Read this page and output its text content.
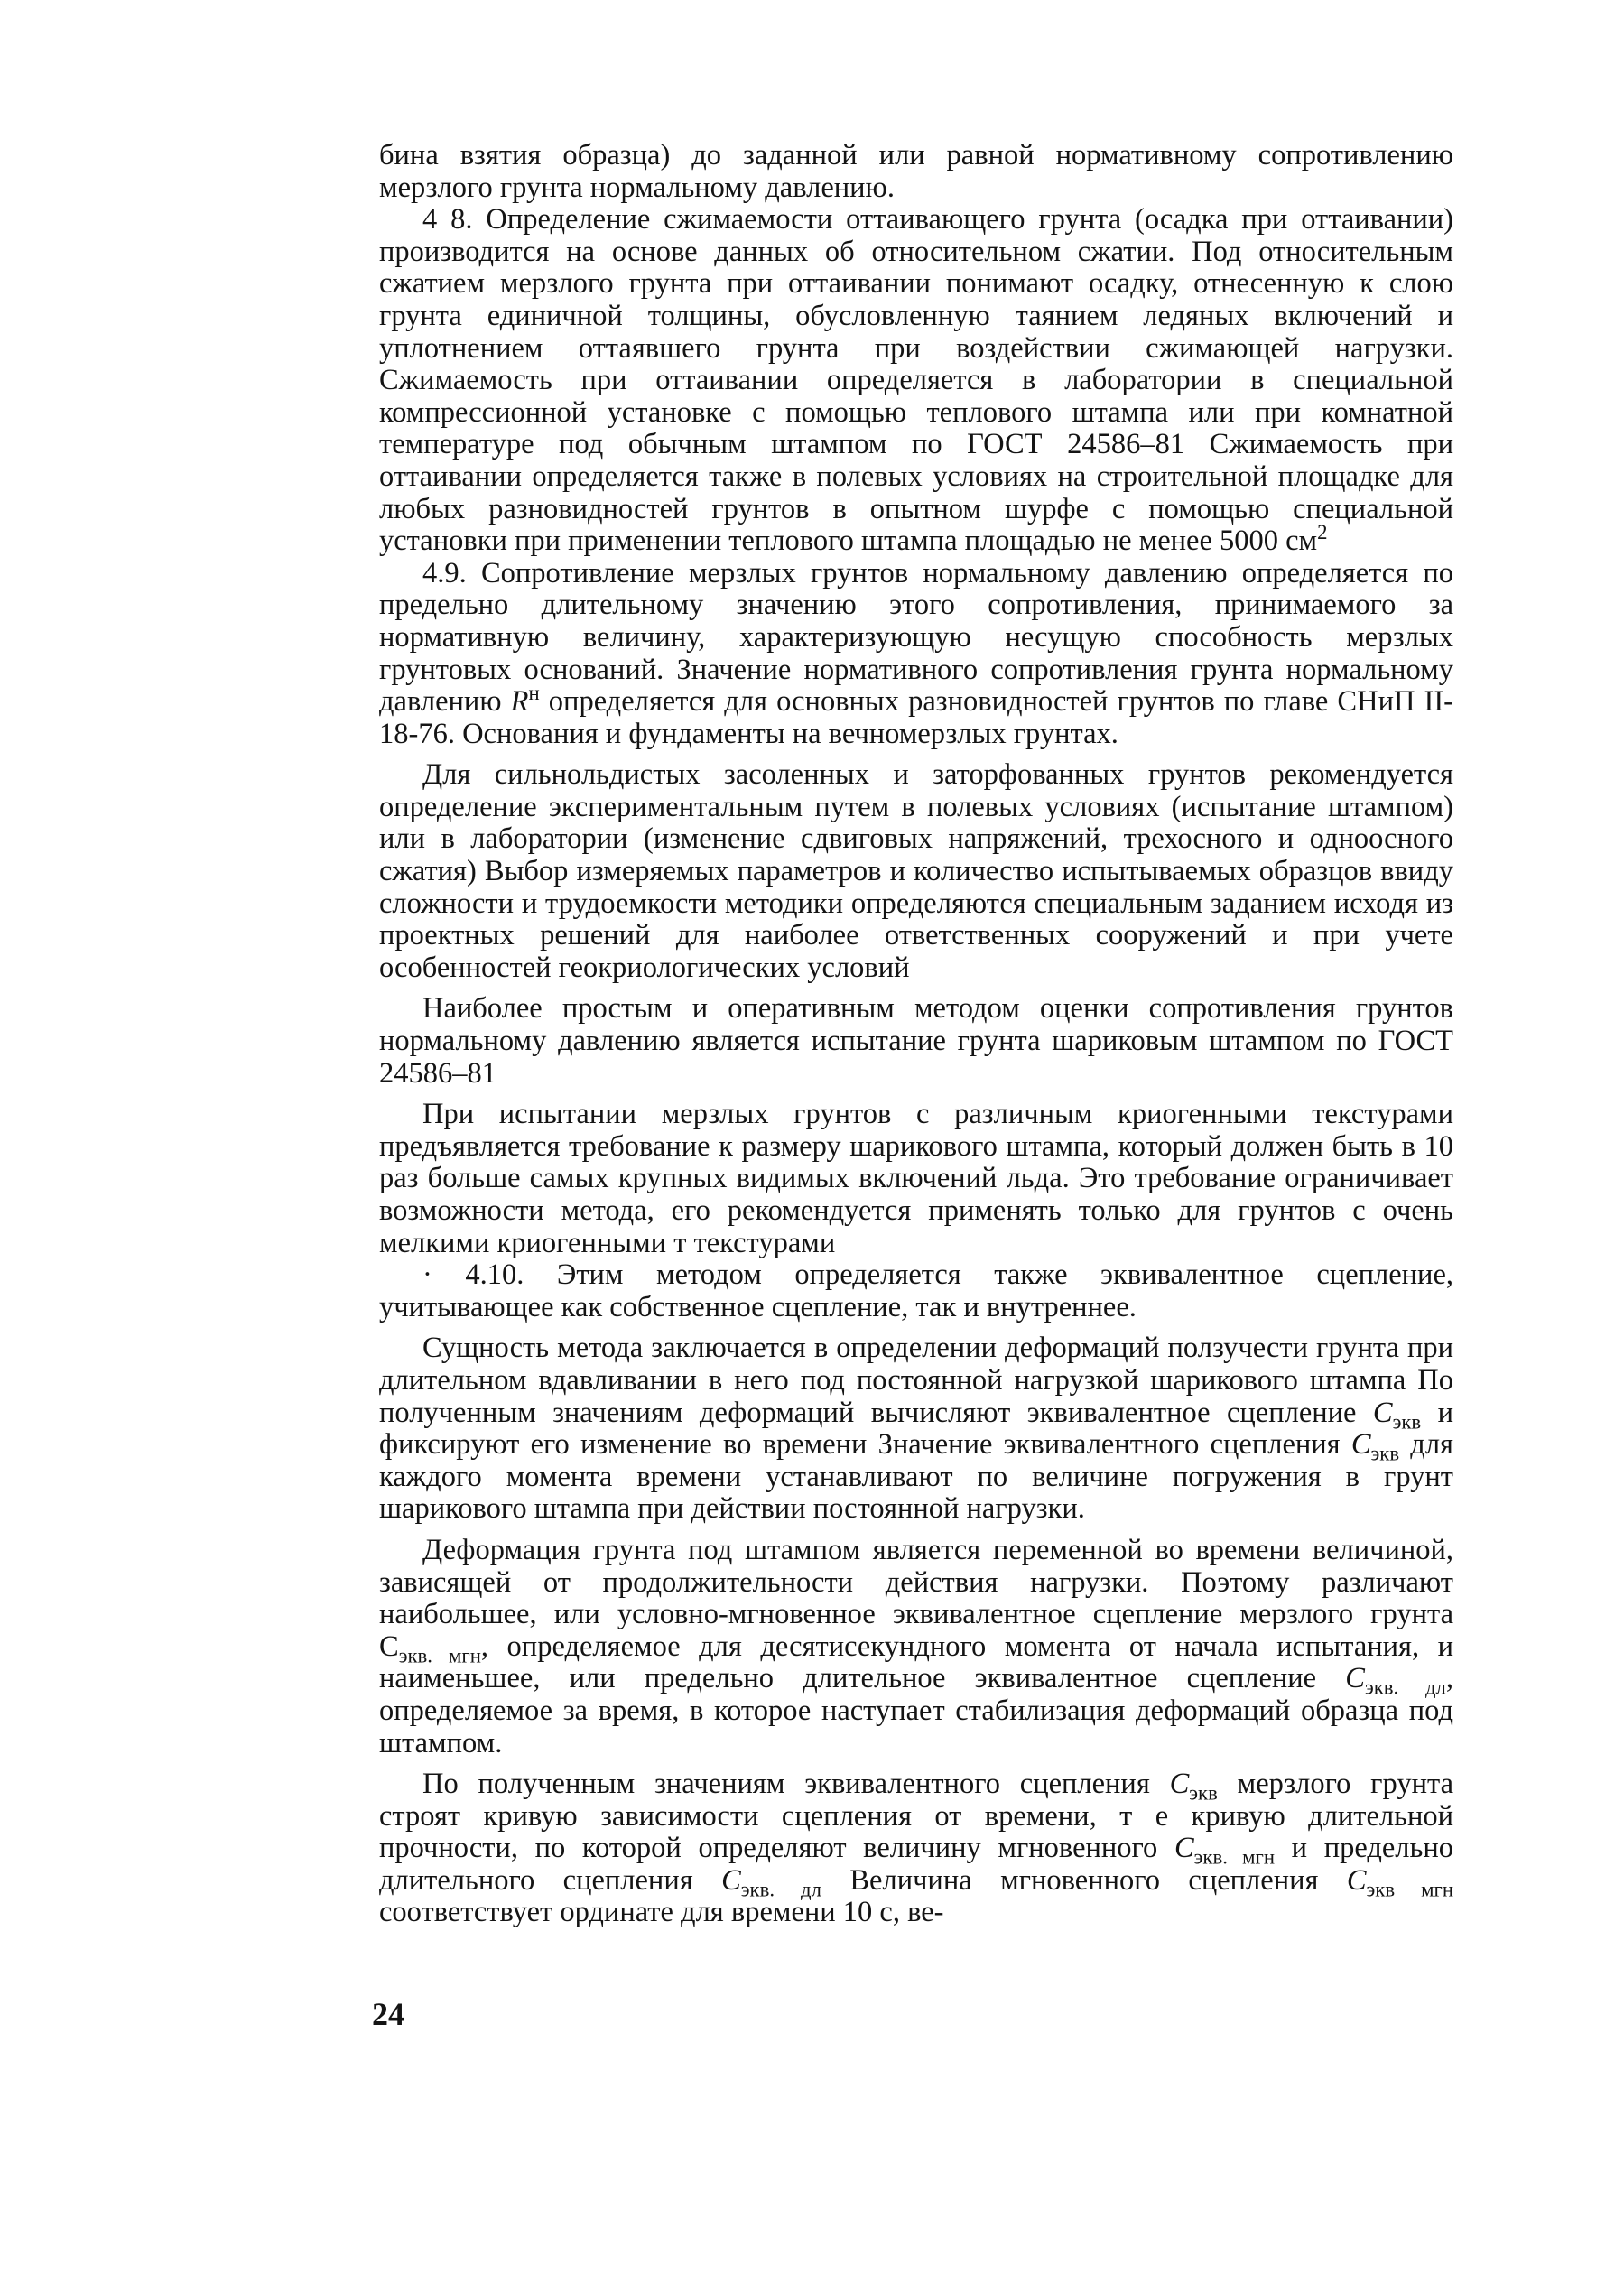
бина взятия образца) до заданной или равной нормативному сопротивлению мерзлого грунта нормальному давлению.

4 8. Определение сжимаемости оттаивающего грунта (осадка при оттаивании) производится на основе данных об относительном сжатии. Под относительным сжатием мерзлого грунта при оттаивании понимают осадку, отнесенную к слою грунта единичной толщины, обусловленную таянием ледяных включений и уплотнением оттаявшего грунта при воздействии сжимающей нагрузки. Сжимаемость при оттаивании определяется в лаборатории в специальной компрессионной установке с помощью теплового штампа или при комнатной температуре под обычным штампом по ГОСТ 24586–81 Сжимаемость при оттаивании определяется также в полевых условиях на строительной площадке для любых разновидностей грунтов в опытном шурфе с помощью специальной установки при применении теплового штампа площадью не менее 5000 $см^2$

4.9. Сопротивление мерзлых грунтов нормальному давлению определяется по предельно длительному значению этого сопротивления, принимаемого за нормативную величину, характеризующую несущую способность мерзлых грунтовых оснований. Значение нормативного сопротивления грунта нормальному давлению $R^н$ определяется для основных разновидностей грунтов по главе СНиП II-18-76. Основания и фундаменты на вечномерзлых грунтах.

Для сильнольдистых засоленных и заторфованных грунтов рекомендуется определение экспериментальным путем в полевых условиях (испытание штампом) или в лаборатории (изменение сдвиговых напряжений, трехосного и одноосного сжатия) Выбор измеряемых параметров и количество испытываемых образцов ввиду сложности и трудоемкости методики определяются специальным заданием исходя из проектных решений для наиболее ответственных сооружений и при учете особенностей геокриологических условий

Наиболее простым и оперативным методом оценки сопротивления грунтов нормальному давлению является испытание грунта шариковым штампом по ГОСТ 24586–81

При испытании мерзлых грунтов с различным криогенными текстурами предъявляется требование к размеру шарикового штампа, который должен быть в 10 раз больше самых крупных видимых включений льда. Это требование ограничивает возможности метода, его рекомендуется применять только для грунтов с очень мелкими криогенными т текстурами

· 4.10. Этим методом определяется также эквивалентное сцепление, учитывающее как собственное сцепление, так и внутреннее.

Сущность метода заключается в определении деформаций ползучести грунта при длительном вдавливании в него под постоянной нагрузкой шарикового штампа По полученным значениям деформаций вычисляют эквивалентное сцепление $C_{экв}$ и фиксируют его изменение во времени Значение эквивалентного сцепления $C_{экв}$ для каждого момента времени устанавливают по величине погружения в грунт шарикового штампа при действии постоянной нагрузки.

Деформация грунта под штампом является переменной во времени величиной, зависящей от продолжительности действия нагрузки. Поэтому различают наибольшее, или условно-мгновенное эквивалентное сцепление мерзлого грунта $С_{экв. мгн}$, определяемое для десятисекундного момента от начала испытания, и наименьшее, или предельно длительное эквивалентное сцепление $C_{экв. дл}$, определяемое за время, в которое наступает стабилизация деформаций образца под штампом.

По полученным значениям эквивалентного сцепления $C_{экв}$ мерзлого грунта строят кривую зависимости сцепления от времени, т е кривую длительной прочности, по которой определяют величину мгновенного $C_{экв. мгн}$ и предельно длительного сцепления $C_{экв. дл}$ Величина мгновенного сцепления $C_{экв мгн}$ соответствует ординате для времени 10 с, ве-

24
